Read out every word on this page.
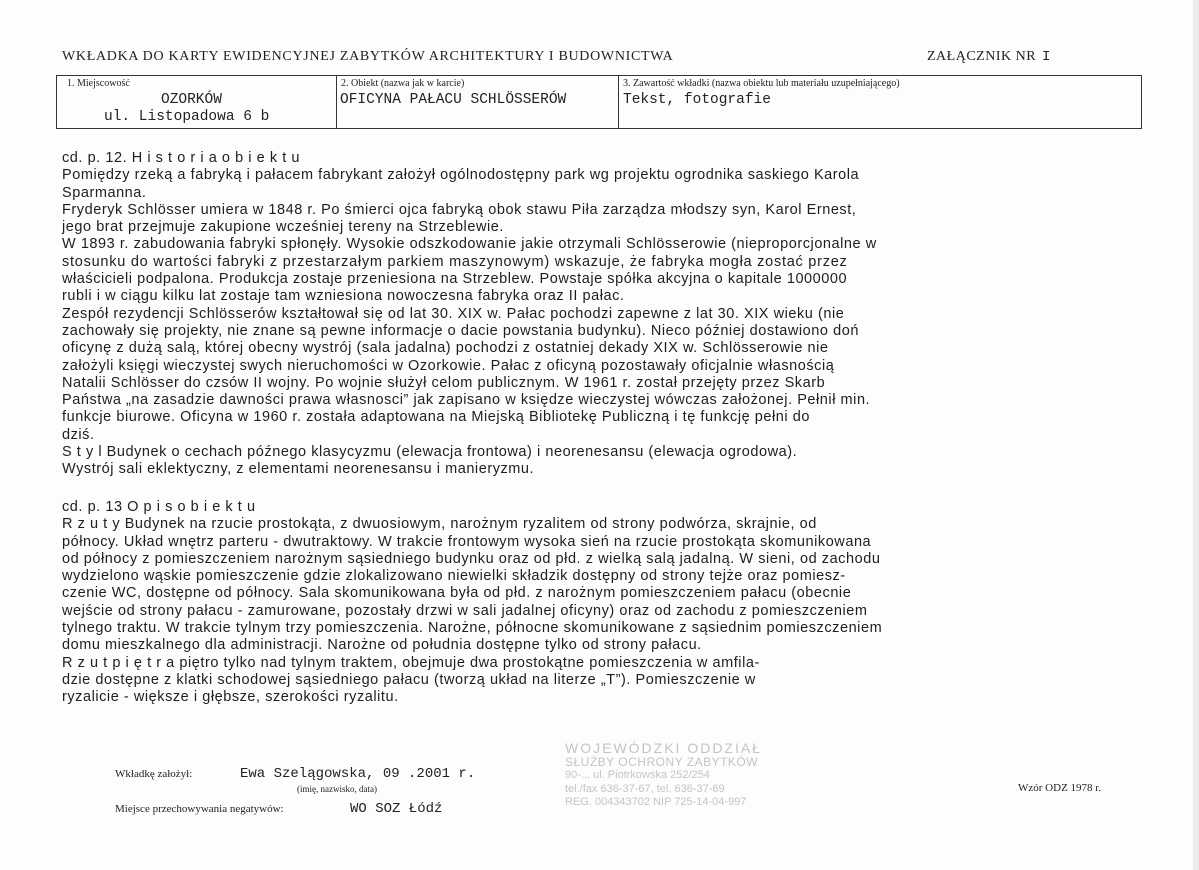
WKŁADKA DO KARTY EWIDENCYJNEJ ZABYTKÓW ARCHITEKTURY I BUDOWNICTWA	ZAŁĄCZNIK NR I
1. Miejscowość
OZORKÓW
ul. Listopadowa 6 b
2. Obiekt (nazwa jak w karcie)
OFICYNA PAŁACU SCHLÖSSERÓW
3. Zawartość wkładki (nazwa obiektu lub materiału uzupełniającego)
Tekst, fotografie
cd. p. 12. H i s t o r i a o b i e k t u
Pomiędzy rzeką a fabryką i pałacem fabrykant założył ogólnodostępny park wg projektu ogrodnika saskiego Karola
Sparmanna.
Fryderyk Schlösser umiera w 1848 r. Po śmierci ojca fabryką obok stawu Piła zarządza młodszy syn, Karol Ernest,
jego brat przejmuje zakupione wcześniej tereny na Strzeblewie.
W 1893 r. zabudowania fabryki spłonęły. Wysokie odszkodowanie jakie otrzymali Schlösserowie (nieproporcjonalne w
stosunku do wartości fabryki z przestarzałym parkiem maszynowym) wskazuje, że fabryka mogła zostać przez
właścicieli podpalona. Produkcja zostaje przeniesiona na Strzeblew. Powstaje spółka akcyjna o kapitale 1000000
rubli i w ciągu kilku lat zostaje tam wzniesiona nowoczesna fabryka oraz II pałac.
Zespół rezydencji Schlösserów kształtował się od lat 30. XIX w. Pałac pochodzi zapewne z lat 30. XIX wieku (nie
zachowały się projekty, nie znane są pewne informacje o dacie powstania budynku). Nieco później dostawiono doń
oficynę z dużą salą, której obecny wystrój (sala jadalna) pochodzi z ostatniej dekady XIX w. Schlösserowie nie
założyli księgi wieczystej swych nieruchomości w Ozorkowie. Pałac z oficyną pozostawały oficjalnie własnością
Natalii Schlösser do czsów II wojny. Po wojnie służył celom publicznym. W 1961 r. został przejęty przez Skarb
Państwa „na zasadzie dawności prawa własnosci” jak zapisano w księdze wieczystej wówczas założonej. Pełnił min.
funkcje biurowe. Oficyna w 1960 r. została adaptowana na Miejską Bibliotekę Publiczną i tę funkcję pełni do
dziś.
S t y l Budynek o cechach późnego klasycyzmu (elewacja frontowa) i neorenesansu (elewacja ogrodowa).
Wystrój sali eklektyczny, z elementami neorenesansu i manieryzmu.
cd. p. 13 O p i s o b i e k t u
R z u t y Budynek na rzucie prostokąta, z dwuosiowym, narożnym ryzalitem od strony podwórza, skrajnie, od
północy. Układ wnętrz parteru - dwutraktowy. W trakcie frontowym wysoka sień na rzucie prostokąta skomunikowana
od północy z pomieszczeniem narożnym sąsiedniego budynku oraz od płd. z wielką salą jadalną. W sieni, od zachodu
wydzielono wąskie pomieszczenie gdzie zlokalizowano niewielki składzik dostępny od strony tejże oraz pomiesz-
czenie WC, dostępne od północy. Sala skomunikowana była od płd. z narożnym pomieszczeniem pałacu (obecnie
wejście od strony pałacu - zamurowane, pozostały drzwi w sali jadalnej oficyny) oraz od zachodu z pomieszczeniem
tylnego traktu. W trakcie tylnym trzy pomieszczenia. Narożne, północne skomunikowane z sąsiednim pomieszczeniem
domu mieszkalnego dla administracji. Narożne od południa dostępne tylko od strony pałacu.
R z u t p i ę t r a piętro tylko nad tylnym traktem, obejmuje dwa prostokątne pomieszczenia w amfila-
dzie dostępne z klatki schodowej sąsiedniego pałacu (tworzą układ na literze „T”). Pomieszczenie w
ryzalicie - większe i głębsze, szerokości ryzalitu.
Wkładkę założył:	Ewa Szelągowska, 09 .2001 r.
(imię, nazwisko, data)
Miejsce przechowywania negatywów:	WO SOZ Łódź
Wzór ODZ 1978 r.
WOJEWÓDZKI ODDZIAŁ
SŁUŻBY OCHRONY ZABYTKÓW
90-... ul. Piotrkowska 252/254
tel./fax 636-37-67, tel. 636-37-69
REG. 004343702 NIP 725-14-04-997
